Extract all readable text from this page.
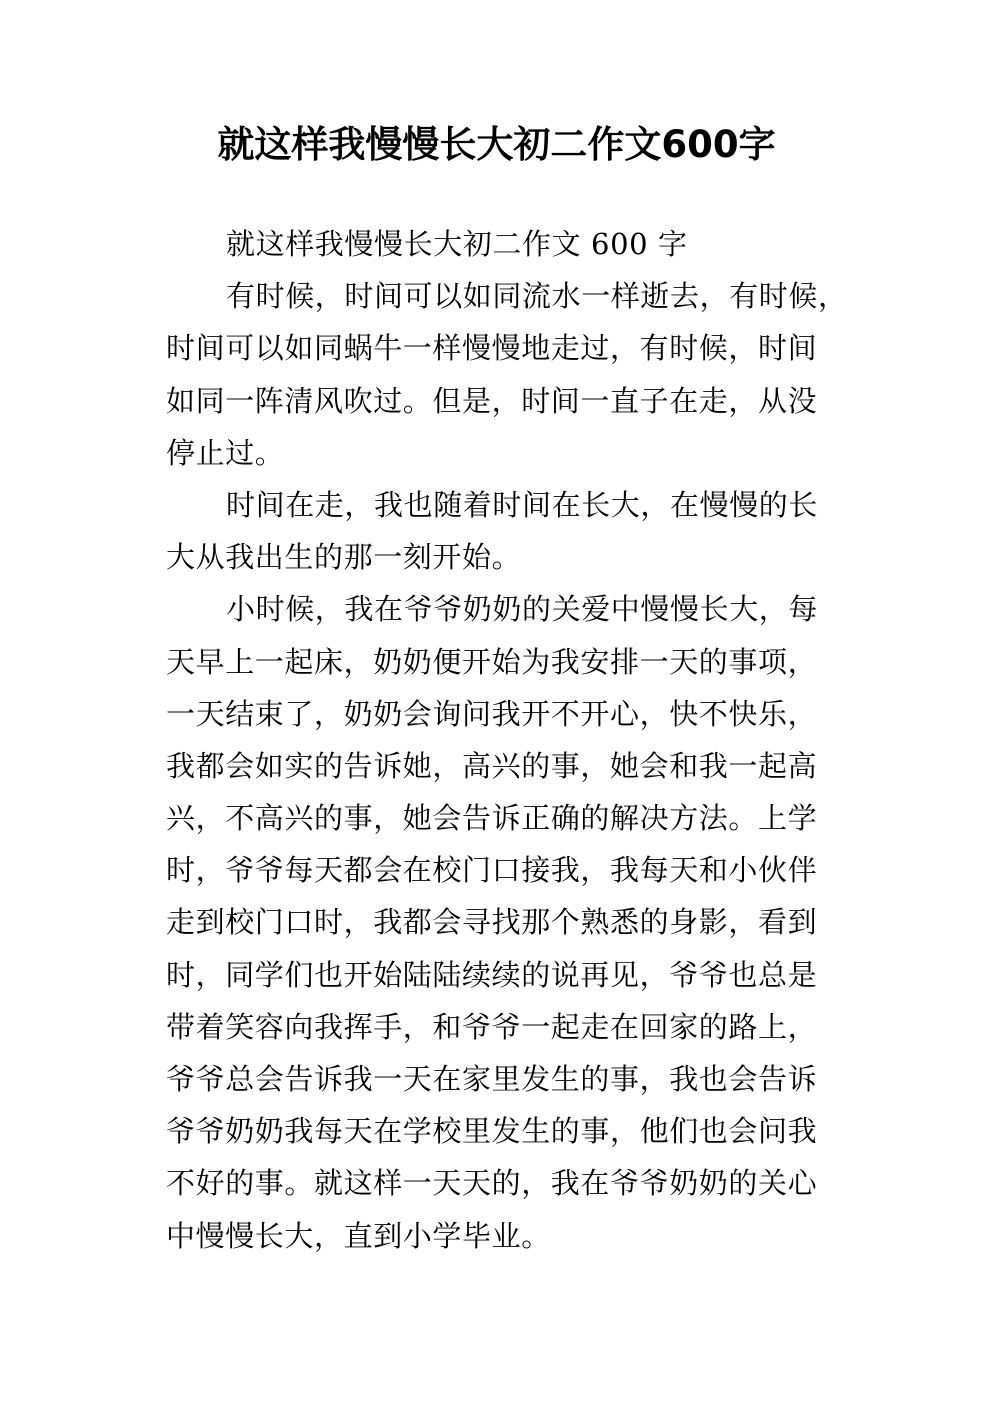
就这样我慢慢长大初二作文600字
就这样我慢慢长大初二作文 600 字
有时候，时间可以如同流水一样逝去，有时候，
时间可以如同蜗牛一样慢慢地走过，有时候，时间
如同一阵清风吹过。但是，时间一直子在走，从没
停止过。
时间在走，我也随着时间在长大，在慢慢的长
大从我出生的那一刻开始。
小时候，我在爷爷奶奶的关爱中慢慢长大，每
天早上一起床，奶奶便开始为我安排一天的事项，
一天结束了，奶奶会询问我开不开心，快不快乐，
我都会如实的告诉她，高兴的事，她会和我一起高
兴，不高兴的事，她会告诉正确的解决方法。上学
时，爷爷每天都会在校门口接我，我每天和小伙伴
走到校门口时，我都会寻找那个熟悉的身影，看到
时，同学们也开始陆陆续续的说再见，爷爷也总是
带着笑容向我挥手，和爷爷一起走在回家的路上，
爷爷总会告诉我一天在家里发生的事，我也会告诉
爷爷奶奶我每天在学校里发生的事，他们也会问我
不好的事。就这样一天天的，我在爷爷奶奶的关心
中慢慢长大，直到小学毕业。
